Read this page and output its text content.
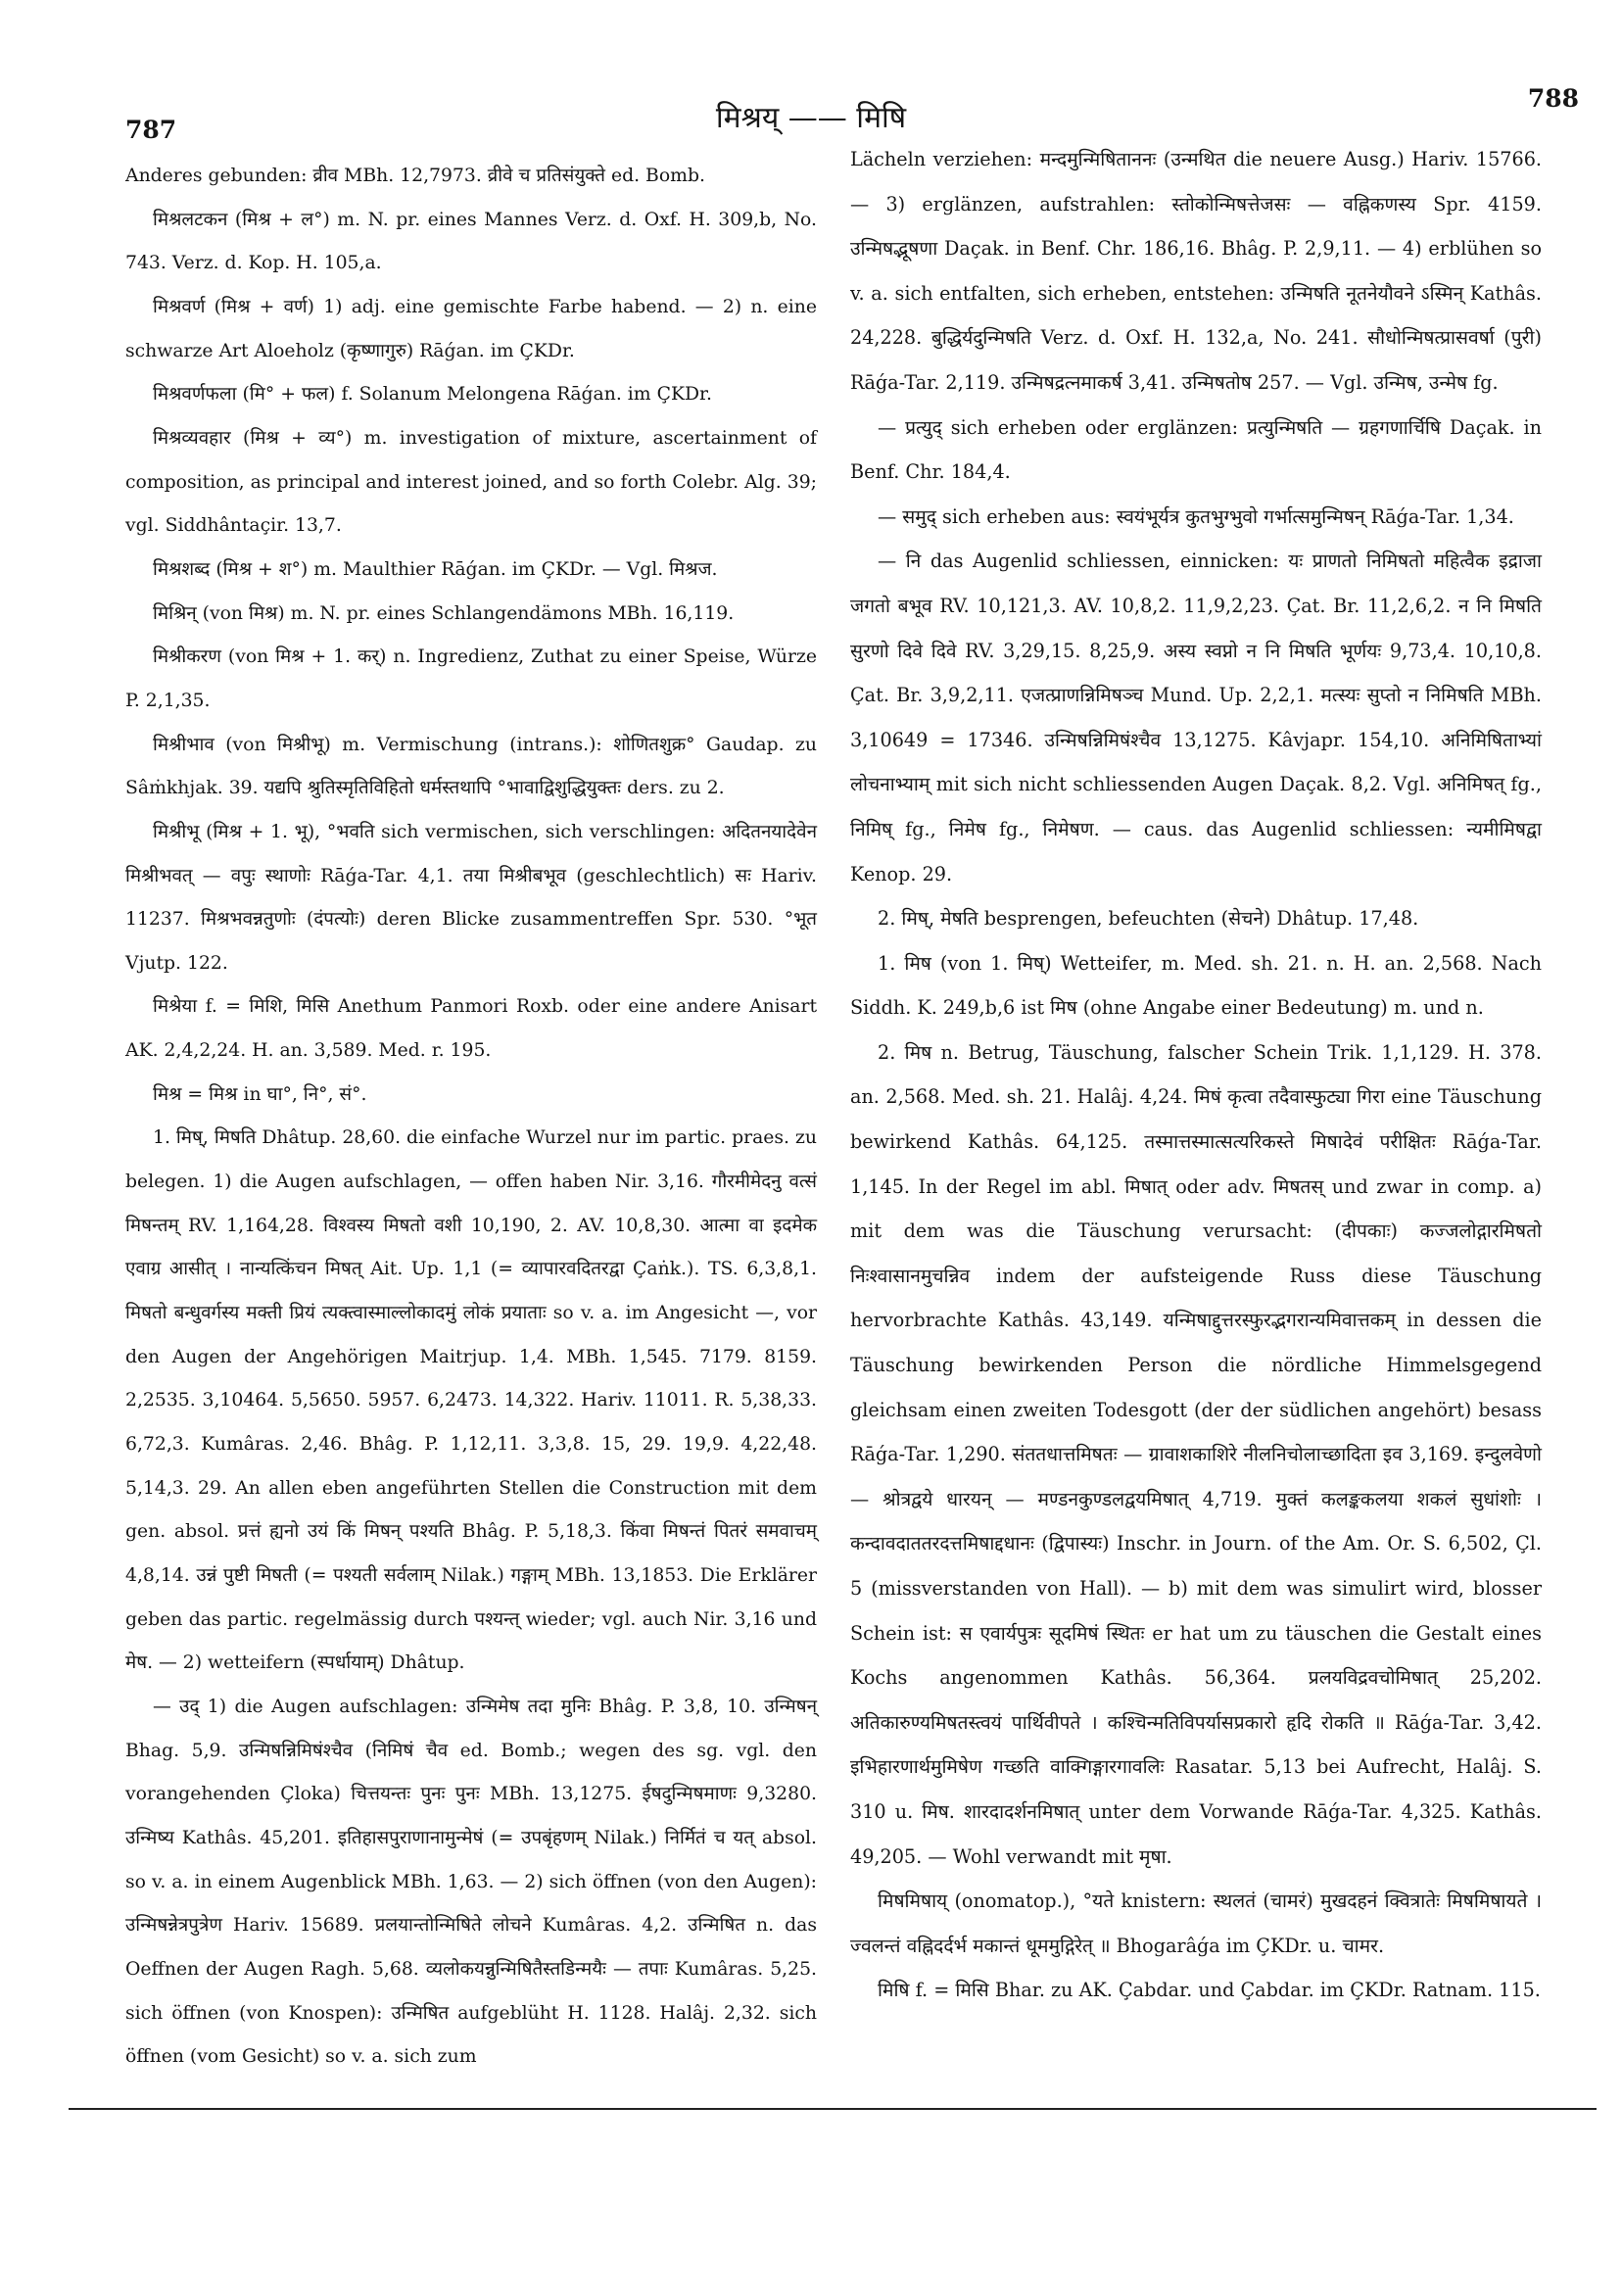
787	मिश्रय् —— मिषि
788

Anderes gebunden: व्रीव MBh. 12,7973. व्रीवे च प्रतिसंयुक्ते ed. Bomb.

मिश्रलटकन (मिश्र + ल°) m. N. pr. eines Mannes Verz. d. Oxf. H. 309,b, No. 743. Verz. d. Kop. H. 105,a.

मिश्रवर्ण (मिश्र + वर्ण) 1) adj. eine gemischte Farbe habend. — 2) n. eine schwarze Art Aloeholz (कृष्णागुरु) Rāǵan. im ÇKDr.

मिश्रवर्णफला (मि° + फल) f. Solanum Melongena Rāǵan. im ÇKDr.

मिश्रव्यवहार (मिश्र + व्य°) m. investigation of mixture, ascertainment of composition, as principal and interest joined, and so forth Colebr. Alg. 39; vgl. Siddhântaçir. 13,7.

मिश्रशब्द (मिश्र + श°) m. Maulthier Rāǵan. im ÇKDr. — Vgl. मिश्रज.

मिश्रिन् (von मिश्र) m. N. pr. eines Schlangendämons MBh. 16,119.

मिश्रीकरण (von मिश्र + 1. कर्) n. Ingredienz, Zuthat zu einer Speise, Würze P. 2,1,35.

मिश्रीभाव (von मिश्रीभू) m. Vermischung (intrans.): शोणितशुक्र° Gaudap. zu Sâṁkhjak. 39. यद्यपि श्रुतिस्मृतिविहितो धर्मस्तथापि °भावाद्विशुद्धियुक्तः ders. zu 2.

मिश्रीभू (मिश्र + 1. भू), °भवति sich vermischen, sich verschlingen: अदितनयादेवेन मिश्रीभवत् — वपुः स्थाणोः Rāǵa-Tar. 4,1. तया मिश्रीबभूव (geschlechtlich) सः Hariv. 11237. मिश्रभवन्नतुणोः (दंपत्योः) deren Blicke zusammentreffen Spr. 530. °भूत Vjutp. 122.

मिश्रेया f. = मिशि, मिसि Anethum Panmori Roxb. oder eine andere Anisart AK. 2,4,2,24. H. an. 3,589. Med. r. 195.

मिश्र = मिश्र in घा°, नि°, सं°.

1. मिष्, मिषति Dhâtup. 28,60. die einfache Wurzel nur im partic. praes. zu belegen. 1) die Augen aufschlagen, — offen haben Nir. 3,16. गौरमीमेदनु वत्सं मिषन्तम् RV. 1,164,28. विश्वस्य मिषतो वशी 10,190, 2. AV. 10,8,30. आत्मा वा इदमेक एवाग्र आसीत् । नान्यत्किंचन मिषत् Ait. Up. 1,1 (= व्यापारवदितरद्वा Çaṅk.). TS. 6,3,8,1. मिषतो बन्धुवर्गस्य मक्ती प्रियं त्यक्त्वास्माल्लोकादमुं लोकं प्रयाताः so v. a. im Angesicht —, vor den Augen der Angehörigen Maitrjup. 1,4. MBh. 1,545. 7179. 8159. 2,2535. 3,10464. 5,5650. 5957. 6,2473. 14,322. Hariv. 11011. R. 5,38,33. 6,72,3. Kumâras. 2,46. Bhâg. P. 1,12,11. 3,3,8. 15, 29. 19,9. 4,22,48. 5,14,3. 29. An allen eben angeführten Stellen die Construction mit dem gen. absol. प्रत्तं ह्यनो उयं किं मिषन् पश्यति Bhâg. P. 5,18,3. किंवा मिषन्तं पितरं समवाचम् 4,8,14. उन्नं पुष्टी मिषती (= पश्यती सर्वलाम् Nilak.) गङ्गाम् MBh. 13,1853. Die Erklärer geben das partic. regelmässig durch पश्यन्त् wieder; vgl. auch Nir. 3,16 und मेष. — 2) wetteifern (स्पर्धायाम्) Dhâtup.

— उद् 1) die Augen aufschlagen: उन्मिमेष तदा मुनिः Bhâg. P. 3,8, 10. उन्मिषन् Bhag. 5,9. उन्मिषन्निमिषंश्चैव (निमिषं चैव ed. Bomb.; wegen des sg. vgl. den vorangehenden Çloka) चित्तयन्तः पुनः पुनः MBh. 13,1275. ईषदुन्मिषमाणः 9,3280. उन्मिष्य Kathâs. 45,201. इतिहासपुराणानामुन्मेषं (= उपबृंहणम् Nilak.) निर्मितं च यत् absol. so v. a. in einem Augenblick MBh. 1,63. — 2) sich öffnen (von den Augen): उन्मिषन्नेत्रपुत्रेण Hariv. 15689. प्रलयान्तोन्मिषिते लोचने Kumâras. 4,2. उन्मिषित n. das Oeffnen der Augen Ragh. 5,68. व्यलोकयन्नुन्मिषितैस्तडिन्मयैः — तपाः Kumâras. 5,25. sich öffnen (von Knospen): उन्मिषित aufgeblüht H. 1128. Halâj. 2,32. sich öffnen (vom Gesicht) so v. a. sich zum

Lächeln verziehen: मन्दमुन्मिषिताननः (उन्मथित die neuere Ausg.) Hariv. 15766. — 3) erglänzen, aufstrahlen: स्तोकोन्मिषत्तेजसः — वह्निकणस्य Spr. 4159. उन्मिषद्भूषणा Daçak. in Benf. Chr. 186,16. Bhâg. P. 2,9,11. — 4) erblühen so v. a. sich entfalten, sich erheben, entstehen: उन्मिषति नूतनेयौवने ऽस्मिन् Kathâs. 24,228. बुद्धिर्यदुन्मिषति Verz. d. Oxf. H. 132,a, No. 241. सौधोन्मिषत्प्रासवर्षा (पुरी) Rāǵa-Tar. 2,119. उन्मिषद्रत्नमाकर्ष 3,41. उन्मिषतोष 257. — Vgl. उन्मिष, उन्मेष fg.

— प्रत्युद् sich erheben oder erglänzen: प्रत्युन्मिषति — ग्रहगणार्चिषि Daçak. in Benf. Chr. 184,4.

— समुद् sich erheben aus: स्वयंभूर्यत्र कुतभुग्भुवो गर्भात्समुन्मिषन् Rāǵa-Tar. 1,34.

— नि das Augenlid schliessen, einnicken: यः प्राणतो निमिषतो महित्वैक इद्राजा जगतो बभूव RV. 10,121,3. AV. 10,8,2. 11,9,2,23. Çat. Br. 11,2,6,2. न नि मिषति सुरणो दिवे दिवे RV. 3,29,15. 8,25,9. अस्य स्वप्नो न नि मिषति भूर्णयः 9,73,4. 10,10,8. Çat. Br. 3,9,2,11. एजत्प्राणन्निमिषञ्च Mund. Up. 2,2,1. मत्स्यः सुप्तो न निमिषति MBh. 3,10649 = 17346. उन्मिषन्निमिषंश्चैव 13,1275. Kâvjapr. 154,10. अनिमिषिताभ्यां लोचनाभ्याम् mit sich nicht schliessenden Augen Daçak. 8,2. Vgl. अनिमिषत् fg., निमिष् fg., निमेष fg., निमेषण. — caus. das Augenlid schliessen: न्यमीमिषद्वा Kenop. 29.

2. मिष्, मेषति besprengen, befeuchten (सेचने) Dhâtup. 17,48.

1. मिष (von 1. मिष्) Wetteifer, m. Med. sh. 21. n. H. an. 2,568. Nach Siddh. K. 249,b,6 ist मिष (ohne Angabe einer Bedeutung) m. und n.

2. मिष n. Betrug, Täuschung, falscher Schein Trik. 1,1,129. H. 378. an. 2,568. Med. sh. 21. Halâj. 4,24. मिषं कृत्वा तदैवास्फुट्या गिरा eine Täuschung bewirkend Kathâs. 64,125. तस्मात्तस्मात्सत्यरिकस्ते मिषादेवं परीक्षितः Rāǵa-Tar. 1,145. In der Regel im abl. मिषात् oder adv. मिषतस् und zwar in comp. a) mit dem was die Täuschung verursacht: (दीपकाः) कज्जलोद्गारमिषतो निःश्वासानमुचन्निव indem der aufsteigende Russ diese Täuschung hervorbrachte Kathâs. 43,149. यन्मिषाद्दुत्तरस्फुरद्भगरान्यमिवात्तकम् in dessen die Täuschung bewirkenden Person die nördliche Himmelsgegend gleichsam einen zweiten Todesgott (der der südlichen angehört) besass Rāǵa-Tar. 1,290. संततधात्तमिषतः — ग्रावाशकाशिरे नीलनिचोलाच्छादिता इव 3,169. इन्दुलवेणो — श्रोत्रद्वये धारयन् — मण्डनकुण्डलद्वयमिषात् 4,719. मुक्तं कलङ्ककलया शकलं सुधांशोः । कन्दावदाततरदत्तमिषाद्दधानः (द्विपास्यः) Inschr. in Journ. of the Am. Or. S. 6,502, Çl. 5 (missverstanden von Hall). — b) mit dem was simulirt wird, blosser Schein ist: स एवार्यपुत्रः सूदमिषं स्थितः er hat um zu täuschen die Gestalt eines Kochs angenommen Kathâs. 56,364. प्रलयविद्रवचोमिषात् 25,202. अतिकारुण्यमिषतस्त्वयं पार्थिवीपते । कश्चिन्मतिविपर्यासप्रकारो हृदि रोकति ॥ Rāǵa-Tar. 3,42. इभिहारणार्थमुमिषेण गच्छति वाक्गिङ्गारगावलिः Rasatar. 5,13 bei Aufrecht, Halâj. S. 310 u. मिष. शारदादर्शनमिषात् unter dem Vorwande Rāǵa-Tar. 4,325. Kathâs. 49,205. — Wohl verwandt mit मृषा.

मिषमिषाय् (onomatop.), °यते knistern: स्थलतं (चामरं) मुखदहनं क्वित्रातेः मिषमिषायते । ज्वलन्तं वह्निदर्दर्भ मकान्तं धूममुद्गिरेत् ॥ Bhogarâǵa im ÇKDr. u. चामर.

मिषि f. = मिसि Bhar. zu AK. Çabdar. und Çabdar. im ÇKDr. Ratnam. 115.
